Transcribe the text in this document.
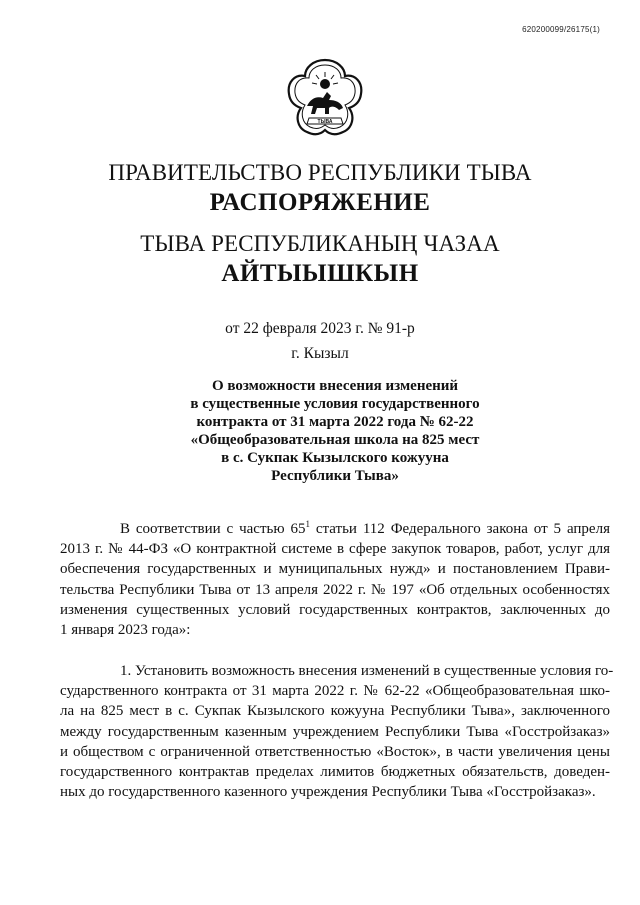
620200099/26175(1)
ТЫВА
ПРАВИТЕЛЬСТВО РЕСПУБЛИКИ ТЫВА
РАСПОРЯЖЕНИЕ
ТЫВА РЕСПУБЛИКАНЫҢ ЧАЗАА
АЙТЫЫШКЫН
от 22 февраля 2023 г. № 91-р
г. Кызыл
О возможности внесения изменений
в существенные условия государственного
контракта от 31 марта 2022 года № 62-22
«Общеобразовательная школа на 825 мест
в с. Сукпак Кызылского кожууна
Республики Тыва»
В соответствии с частью $65^1$ статьи 112 Федерального закона от 5 апреля
2013 г. № 44-ФЗ «О контрактной системе в сфере закупок товаров, работ, услуг для
обеспечения государственных и муниципальных нужд» и постановлением Прави-
тельства Республики Тыва от 13 апреля 2022 г. № 197 «Об отдельных особенностях
изменения существенных условий государственных контрактов, заключенных до
1 января 2023 года»:
1. Установить возможность внесения изменений в существенные условия го-
сударственного контракта от 31 марта 2022 г. № 62-22 «Общеобразовательная шко-
ла на 825 мест в с. Сукпак Кызылского кожууна Республики Тыва», заключенного
между государственным казенным учреждением Республики Тыва «Госстройзаказ»
и обществом с ограниченной ответственностью «Восток», в части увеличения цены
государственного контрактав пределах лимитов бюджетных обязательств, доведен-
ных до государственного казенного учреждения Республики Тыва «Госстройзаказ».
